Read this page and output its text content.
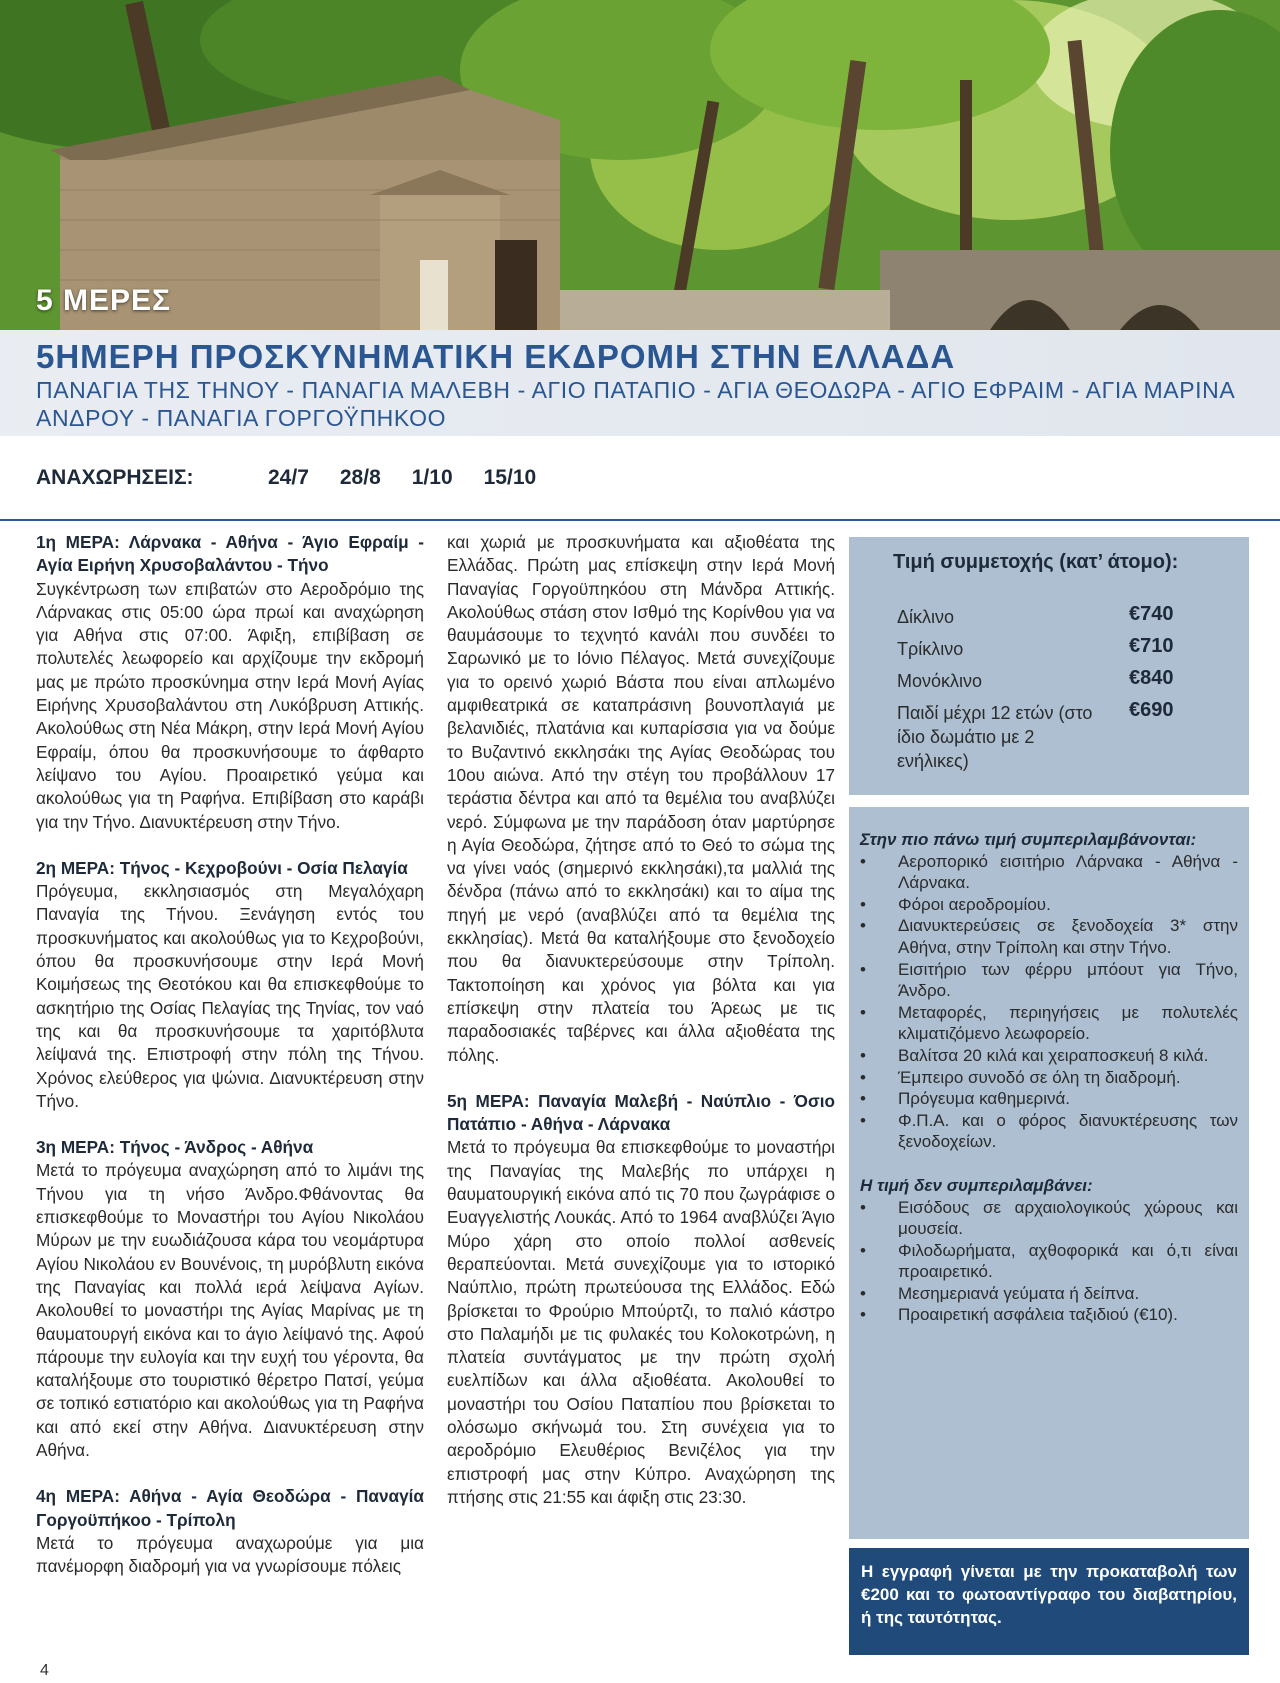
5 ΜΕΡΕΣ
5ΗΜΕΡΗ ΠΡΟΣΚΥΝΗΜΑΤΙΚΗ ΕΚΔΡΟΜΗ ΣΤΗΝ ΕΛΛΑΔΑ
ΠΑΝΑΓΙΑ ΤΗΣ ΤΗΝΟΥ - ΠΑΝΑΓΙΑ ΜΑΛΕΒΗ - ΑΓΙΟ ΠΑΤΑΠΙΟ - ΑΓΙΑ ΘΕΟΔΩΡΑ - ΑΓΙΟ ΕΦΡΑΙΜ - ΑΓΙΑ ΜΑΡΙΝΑ ΑΝΔΡΟΥ - ΠΑΝΑΓΙΑ ΓΟΡΓΟΫΠΗΚΟΟ
ΑΝΑΧΩΡΗΣΕΙΣ:	24/7 28/8 1/10 15/10
1η ΜΕΡΑ: Λάρνακα - Αθήνα - Άγιο Εφραίμ - Αγία Ειρήνη Χρυσοβαλάντου - Τήνο

Συγκέντρωση των επιβατών στο Αεροδρόμιο της Λάρνακας στις 05:00 ώρα πρωί και αναχώρηση για Αθήνα στις 07:00. Άφιξη, επιβίβαση σε πολυτελές λεωφορείο και αρχίζουμε την εκδρομή μας με πρώτο προσκύνημα στην Ιερά Μονή Αγίας Ειρήνης Χρυσοβαλάντου στη Λυκόβρυση Αττικής. Ακολούθως στη Νέα Μάκρη, στην Ιερά Μονή Αγίου Εφραίμ, όπου θα προσκυνήσουμε το άφθαρτο λείψανο του Αγίου. Προαιρετικό γεύμα και ακολούθως για τη Ραφήνα. Επιβίβαση στο καράβι για την Τήνο. Διανυκτέρευση στην Τήνο.

2η ΜΕΡΑ: Τήνος - Κεχροβούνι - Οσία Πελαγία

Πρόγευμα, εκκλησιασμός στη Μεγαλόχαρη Παναγία της Τήνου. Ξενάγηση εντός του προσκυνήματος και ακολούθως για το Κεχροβούνι, όπου θα προσκυνήσουμε στην Ιερά Μονή Κοιμήσεως της Θεοτόκου και θα επισκεφθούμε το ασκητήριο της Οσίας Πελαγίας της Τηνίας, τον ναό της και θα προσκυνήσουμε τα χαριτόβλυτα λείψανά της. Επιστροφή στην πόλη της Τήνου. Χρόνος ελεύθερος για ψώνια. Διανυκτέρευση στην Τήνο.

3η ΜΕΡΑ: Τήνος - Άνδρος - Αθήνα

Μετά το πρόγευμα αναχώρηση από το λιμάνι της Τήνου για τη νήσο Άνδρο.Φθάνοντας θα επισκεφθούμε το Μοναστήρι του Αγίου Νικολάου Μύρων με την ευωδιάζουσα κάρα του νεομάρτυρα Αγίου Νικολάου εν Βουνένοις, τη μυρόβλυτη εικόνα της Παναγίας και πολλά ιερά λείψανα Αγίων. Ακολουθεί το μοναστήρι της Αγίας Μαρίνας με τη θαυματουργή εικόνα και το άγιο λείψανό της. Αφού πάρουμε την ευλογία και την ευχή του γέροντα, θα καταλήξουμε στο τουριστικό θέρετρο Πατσί, γεύμα σε τοπικό εστιατόριο και ακολούθως για τη Ραφήνα και από εκεί στην Αθήνα. Διανυκτέρευση στην Αθήνα.

4η ΜΕΡΑ: Αθήνα - Αγία Θεοδώρα - Παναγία Γοργοϋπήκοο - Τρίπολη

Μετά το πρόγευμα αναχωρούμε για μια πανέμορφη διαδρομή για να γνωρίσουμε πόλεις

και χωριά με προσκυνήματα και αξιοθέατα της Ελλάδας. Πρώτη μας επίσκεψη στην Ιερά Μονή Παναγίας Γοργοϋπηκόου στη Μάνδρα Αττικής. Ακολούθως στάση στον Ισθμό της Κορίνθου για να θαυμάσουμε το τεχνητό κανάλι που συνδέει το Σαρωνικό με το Ιόνιο Πέλαγος. Μετά συνεχίζουμε για το ορεινό χωριό Βάστα που είναι απλωμένο αμφιθεατρικά σε καταπράσινη βουνοπλαγιά με βελανιδιές, πλατάνια και κυπαρίσσια για να δούμε το Βυζαντινό εκκλησάκι της Αγίας Θεοδώρας του 10ου αιώνα. Από την στέγη του προβάλλουν 17 τεράστια δέντρα και από τα θεμέλια του αναβλύζει νερό. Σύμφωνα με την παράδοση όταν μαρτύρησε η Αγία Θεοδώρα, ζήτησε από το Θεό το σώμα της να γίνει ναός (σημερινό εκκλησάκι),τα μαλλιά της δένδρα (πάνω από το εκκλησάκι) και το αίμα της πηγή με νερό (αναβλύζει από τα θεμέλια της εκκλησίας). Μετά θα καταλήξουμε στο ξενοδοχείο που θα διανυκτερεύσουμε στην Τρίπολη. Τακτοποίηση και χρόνος για βόλτα και για επίσκεψη στην πλατεία του Άρεως με τις παραδοσιακές ταβέρνες και άλλα αξιοθέατα της πόλης.

5η ΜΕΡΑ: Παναγία Μαλεβή - Ναύπλιο - Όσιο Πατάπιο - Αθήνα - Λάρνακα

Μετά το πρόγευμα θα επισκεφθούμε το μοναστήρι της Παναγίας της Μαλεβής πο υπάρχει η θαυματουργική εικόνα από τις 70 που ζωγράφισε ο Ευαγγελιστής Λουκάς. Από το 1964 αναβλύζει Άγιο Μύρο χάρη στο οποίο πολλοί ασθενείς θεραπεύονται. Μετά συνεχίζουμε για το ιστορικό Ναύπλιο, πρώτη πρωτεύουσα της Ελλάδος. Εδώ βρίσκεται το Φρούριο Μπούρτζι, το παλιό κάστρο στο Παλαμήδι με τις φυλακές του Κολοκοτρώνη, η πλατεία συντάγματος με την πρώτη σχολή ευελπίδων και άλλα αξιοθέατα. Ακολουθεί το μοναστήρι του Οσίου Παταπίου που βρίσκεται το ολόσωμο σκήνωμά του. Στη συνέχεια για το αεροδρόμιο Ελευθέριος Βενιζέλος για την επιστροφή μας στην Κύπρο. Αναχώρηση της πτήσης στις 21:55 και άφιξη στις 23:30.

Τιμή συμμετοχής (κατ’ άτομο):
Δίκλινο	€740
Τρίκλινο	€710
Μονόκλινο	€840
Παιδί μέχρι 12 ετών (στο ίδιο δωμάτιο με 2 ενήλικες)
€690
Στην πιο πάνω τιμή συμπεριλαμβάνονται:
• Αεροπορικό εισιτήριο Λάρνακα - Αθήνα - Λάρνακα.
• Φόροι αεροδρομίου.
• Διανυκτερεύσεις σε ξενοδοχεία 3* στην Αθήνα, στην Τρίπολη και στην Τήνο.
• Εισιτήριο των φέρρυ μπόουτ για Τήνο, Άνδρο.
• Μεταφορές, περιηγήσεις με πολυτελές κλιματιζόμενο λεωφορείο.
• Βαλίτσα 20 κιλά και χειραποσκευή 8 κιλά.
• Έμπειρο συνοδό σε όλη τη διαδρομή.
• Πρόγευμα καθημερινά.
• Φ.Π.Α. και ο φόρος διανυκτέρευσης των ξενοδοχείων.
Η τιμή δεν συμπεριλαμβάνει:
• Εισόδους σε αρχαιολογικούς χώρους και μουσεία.
• Φιλοδωρήματα, αχθοφορικά και ό,τι είναι προαιρετικό.
• Μεσημεριανά γεύματα ή δείπνα.
• Προαιρετική ασφάλεια ταξιδιού (€10).
Η εγγραφή γίνεται με την προκαταβολή των €200 και το φωτοαντίγραφο του διαβατηρίου, ή της ταυτότητας.
4
